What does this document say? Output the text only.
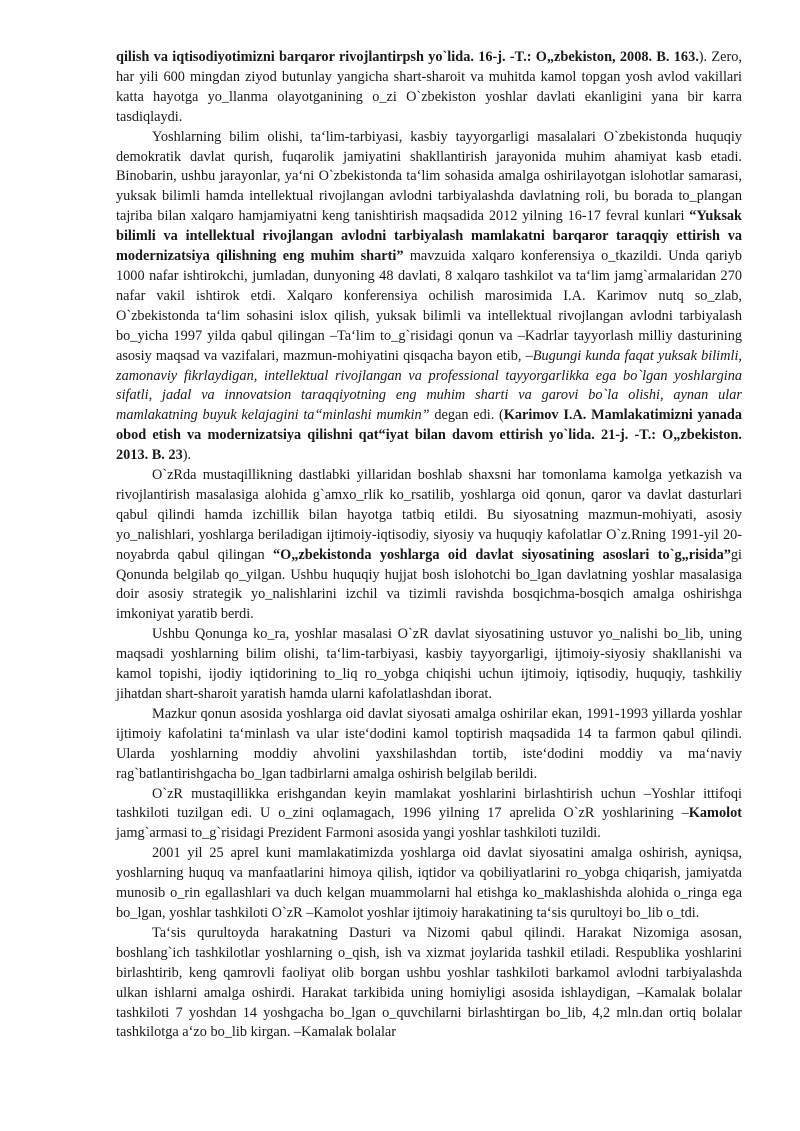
qilish va iqtisodiyotimizni barqaror rivojlantirpsh yo`lida. 16-j. -T.: O„zbekiston, 2008. B. 163.). Zero, har yili 600 mingdan ziyod butunlay yangicha shart-sharoit va muhitda kamol topgan yosh avlod vakillari katta hayotga yo_llanma olayotganining o_zi O`zbekiston yoshlar davlati ekanligini yana bir karra tasdiqlaydi.

Yoshlarning bilim olishi, ta‘lim-tarbiyasi, kasbiy tayyorgarligi masalalari O`zbekistonda huquqiy demokratik davlat qurish, fuqarolik jamiyatini shakllantirish jarayonida muhim ahamiyat kasb etadi. Binobarin, ushbu jarayonlar, ya‘ni O`zbekistonda ta‘lim sohasida amalga oshirilayotgan islohotlar samarasi, yuksak bilimli hamda intellektual rivojlangan avlodni tarbiyalashda davlatning roli, bu borada to_plangan tajriba bilan xalqaro hamjamiyatni keng tanishtirish maqsadida 2012 yilning 16-17 fevral kunlari “Yuksak bilimli va intellektual rivojlangan avlodni tarbiyalash mamlakatni barqaror taraqqiy ettirish va modernizatsiya qilishning eng muhim sharti” mavzuida xalqaro konferensiya o_tkazildi. Unda qariyb 1000 nafar ishtirokchi, jumladan, dunyoning 48 davlati, 8 xalqaro tashkilot va ta‘lim jamg`armalaridan 270 nafar vakil ishtirok etdi. Xalqaro konferensiya ochilish marosimida I.A. Karimov nutq so_zlab, O`zbekistonda ta‘lim sohasini islox qilish, yuksak bilimli va intellektual rivojlangan avlodni tarbiyalash bo_yicha 1997 yilda qabul qilingan –Ta‘lim to_g`risidagi qonun va –Kadrlar tayyorlash milliy dasturining asosiy maqsad va vazifalari, mazmun-mohiyatini qisqacha bayon etib, –Bugungi kunda faqat yuksak bilimli, zamonaviy fikrlaydigan, intellektual rivojlangan va professional tayyorgarlikka ega bo`lgan yoshlargina sifatli, jadal va innovatsion taraqqiyotning eng muhim sharti va garovi bo`la olishi, aynan ular mamlakatning buyuk kelajagini ta“minlashi mumkin” degan edi. (Karimov I.A. Mamlakatimizni yanada obod etish va modernizatsiya qilishni qat“iyat bilan davom ettirish yo`lida. 21-j. -T.: O„zbekiston. 2013. B. 23).

O`zRda mustaqillikning dastlabki yillaridan boshlab shaxsni har tomonlama kamolga yetkazish va rivojlantirish masalasiga alohida g`amxo_rlik ko_rsatilib, yoshlarga oid qonun, qaror va davlat dasturlari qabul qilindi hamda izchillik bilan hayotga tatbiq etildi. Bu siyosatning mazmun-mohiyati, asosiy yo_nalishlari, yoshlarga beriladigan ijtimoiy-iqtisodiy, siyosiy va huquqiy kafolatlar O`z.Rning 1991-yil 20-noyabrda qabul qilingan “O„zbekistonda yoshlarga oid davlat siyosatining asoslari to`g„risida”gi Qonunda belgilab qo_yilgan. Ushbu huquqiy hujjat bosh islohotchi bo_lgan davlatning yoshlar masalasiga doir asosiy strategik yo_nalishlarini izchil va tizimli ravishda bosqichma-bosqich amalga oshirishga imkoniyat yaratib berdi.

Ushbu Qonunga ko_ra, yoshlar masalasi O`zR davlat siyosatining ustuvor yo_nalishi bo_lib, uning maqsadi yoshlarning bilim olishi, ta‘lim-tarbiyasi, kasbiy tayyorgarligi, ijtimoiy-siyosiy shakllanishi va kamol topishi, ijodiy iqtidorining to_liq ro_yobga chiqishi uchun ijtimoiy, iqtisodiy, huquqiy, tashkiliy jihatdan shart-sharoit yaratish hamda ularni kafolatlashdan iborat.

Mazkur qonun asosida yoshlarga oid davlat siyosati amalga oshirilar ekan, 1991-1993 yillarda yoshlar ijtimoiy kafolatini ta‘minlash va ular iste‘dodini kamol toptirish maqsadida 14 ta farmon qabul qilindi. Ularda yoshlarning moddiy ahvolini yaxshilashdan tortib, iste‘dodini moddiy va ma‘naviy rag`batlantirishgacha bo_lgan tadbirlarni amalga oshirish belgilab berildi.

O`zR mustaqillikka erishgandan keyin mamlakat yoshlarini birlashtirish uchun –Yoshlar ittifoqi tashkiloti tuzilgan edi. U o_zini oqlamagach, 1996 yilning 17 aprelida O`zR yoshlarining –Kamolot jamg`armasi to_g`risidagi Prezident Farmoni asosida yangi yoshlar tashkiloti tuzildi.

2001 yil 25 aprel kuni mamlakatimizda yoshlarga oid davlat siyosatini amalga oshirish, ayniqsa, yoshlarning huquq va manfaatlarini himoya qilish, iqtidor va qobiliyatlarini ro_yobga chiqarish, jamiyatda munosib o_rin egallashlari va duch kelgan muammolarni hal etishga ko_maklashishda alohida o_ringa ega bo_lgan, yoshlar tashkiloti O`zR –Kamolot yoshlar ijtimoiy harakatining ta‘sis qurultoyi bo_lib o_tdi.

Ta‘sis qurultoyda harakatning Dasturi va Nizomi qabul qilindi. Harakat Nizomiga asosan, boshlang`ich tashkilotlar yoshlarning o_qish, ish va xizmat joylarida tashkil etiladi. Respublika yoshlarini birlashtirib, keng qamrovli faoliyat olib borgan ushbu yoshlar tashkiloti barkamol avlodni tarbiyalashda ulkan ishlarni amalga oshirdi. Harakat tarkibida uning homiyligi asosida ishlaydigan, –Kamalak bolalar tashkiloti 7 yoshdan 14 yoshgacha bo_lgan o_quvchilarni birlashtirgan bo_lib, 4,2 mln.dan ortiq bolalar tashkilotga a‘zo bo_lib kirgan. –Kamalak bolalar
